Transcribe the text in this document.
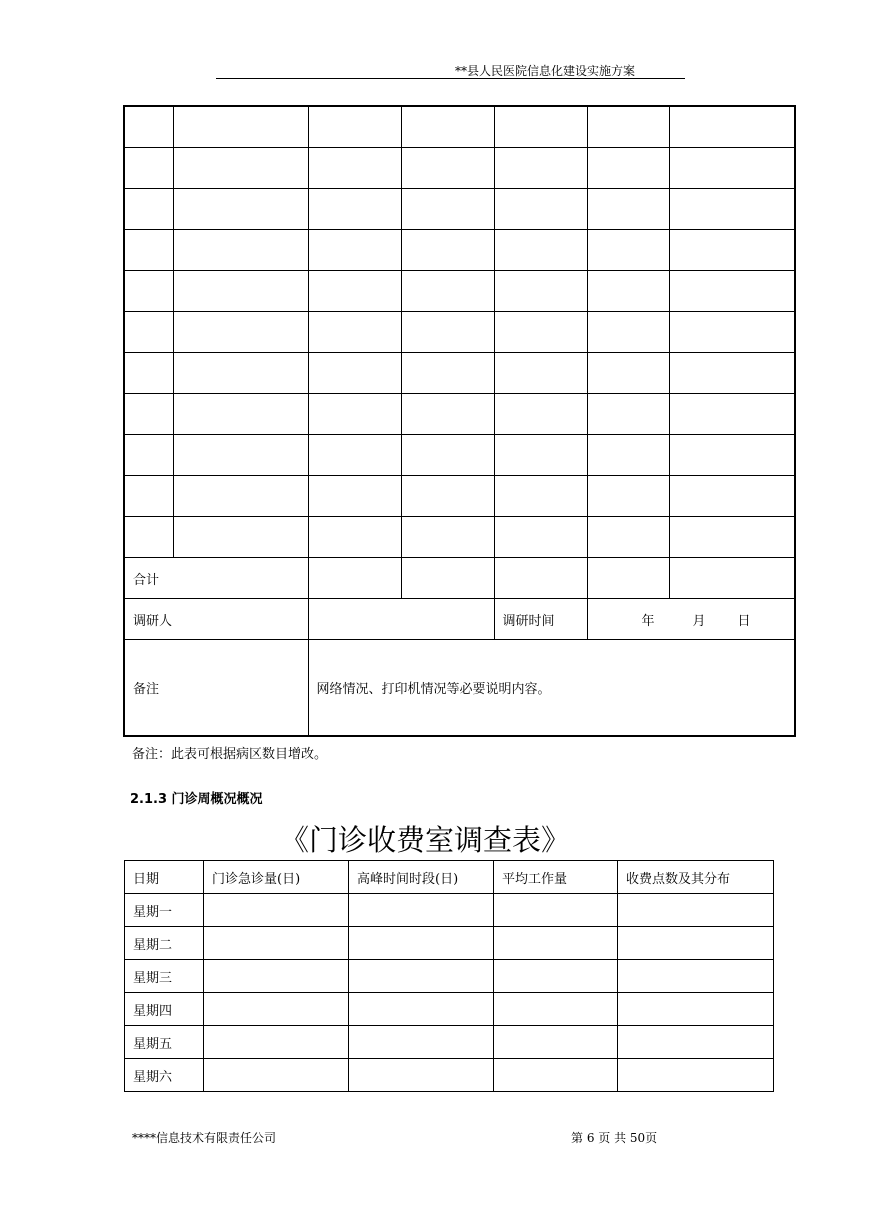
**县人民医院信息化建设实施方案

合计						
调研人				调研时间	年 月 日	
备注		网络情况、打印机情况等必要说明内容。				
备注：此表可根据病区数目增改。
2.1.3 门诊周概况概况
《门诊收费室调查表》
日期	门诊急诊量(日)	高峰时间时段(日)	平均工作量	收费点数及其分布
星期一				
星期二				
星期三				
星期四				
星期五				
星期六				
****信息技术有限责任公司	第 6 页 共 50页
